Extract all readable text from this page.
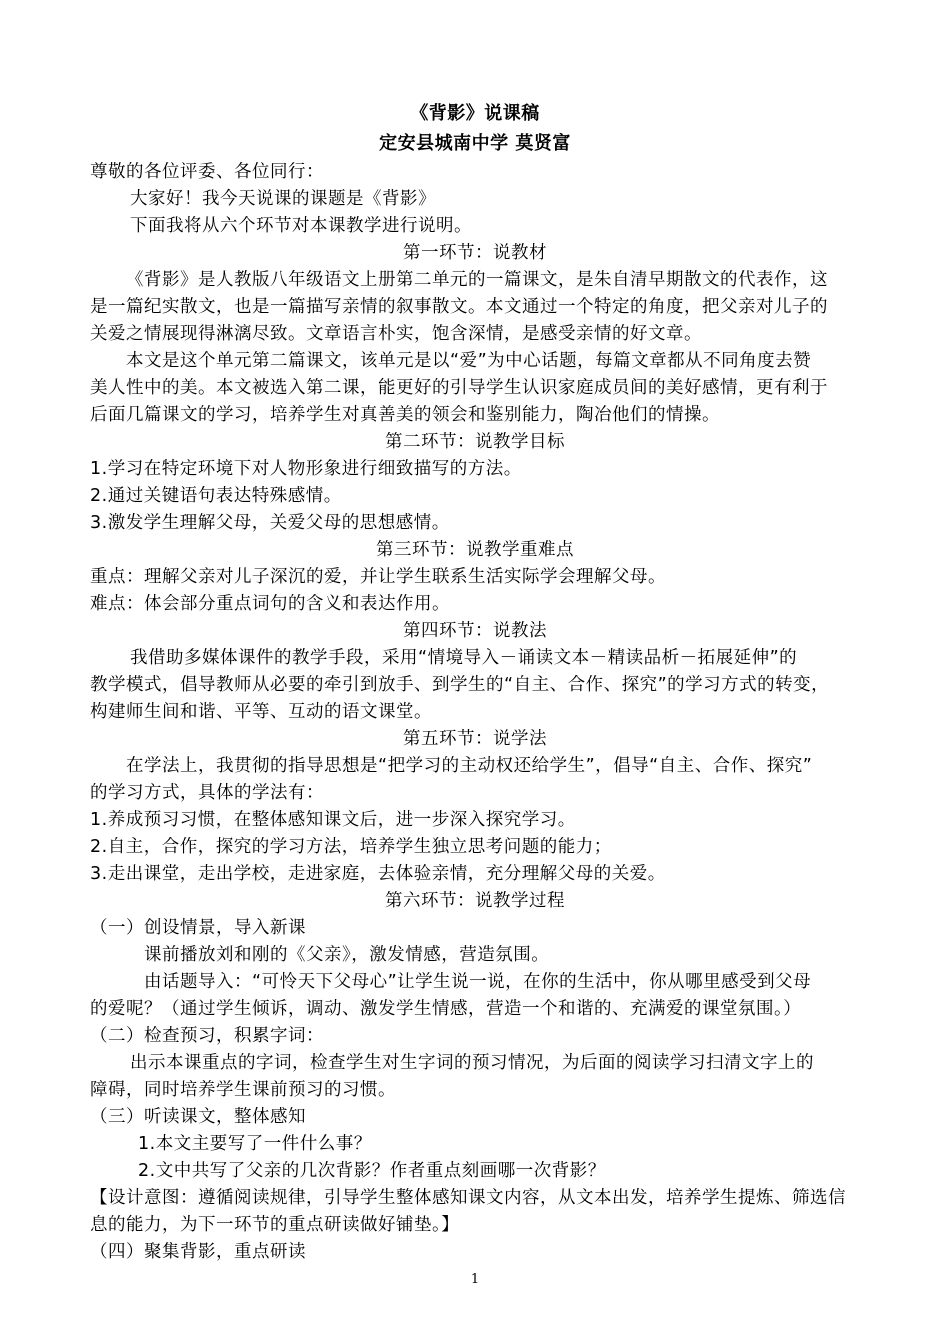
《背影》说课稿
定安县城南中学 莫贤富
尊敬的各位评委、各位同行：
大家好！我今天说课的课题是《背影》
下面我将从六个环节对本课教学进行说明。
第一环节：说教材
《背影》是人教版八年级语文上册第二单元的一篇课文，是朱自清早期散文的代表作，这
是一篇纪实散文，也是一篇描写亲情的叙事散文。本文通过一个特定的角度，把父亲对儿子的
关爱之情展现得淋漓尽致。文章语言朴实，饱含深情，是感受亲情的好文章。
本文是这个单元第二篇课文，该单元是以“爱”为中心话题，每篇文章都从不同角度去赞
美人性中的美。本文被选入第二课，能更好的引导学生认识家庭成员间的美好感情，更有利于
后面几篇课文的学习，培养学生对真善美的领会和鉴别能力，陶冶他们的情操。
第二环节：说教学目标
1.学习在特定环境下对人物形象进行细致描写的方法。
2.通过关键语句表达特殊感情。
3.激发学生理解父母，关爱父母的思想感情。
第三环节：说教学重难点
重点：理解父亲对儿子深沉的爱，并让学生联系生活实际学会理解父母。
难点：体会部分重点词句的含义和表达作用。
第四环节：说教法
我借助多媒体课件的教学手段，采用“情境导入－诵读文本－精读品析－拓展延伸”的
教学模式，倡导教师从必要的牵引到放手、到学生的“自主、合作、探究”的学习方式的转变，
构建师生间和谐、平等、互动的语文课堂。
第五环节：说学法
在学法上，我贯彻的指导思想是“把学习的主动权还给学生”，倡导“自主、合作、探究”
的学习方式，具体的学法有：
1.养成预习习惯，在整体感知课文后，进一步深入探究学习。
2.自主，合作，探究的学习方法，培养学生独立思考问题的能力；
3.走出课堂，走出学校，走进家庭，去体验亲情，充分理解父母的关爱。
第六环节：说教学过程
（一）创设情景，导入新课
课前播放刘和刚的《父亲》，激发情感，营造氛围。
由话题导入：“可怜天下父母心”让学生说一说，在你的生活中，你从哪里感受到父母
的爱呢？（通过学生倾诉，调动、激发学生情感，营造一个和谐的、充满爱的课堂氛围。）
（二）检查预习，积累字词：
出示本课重点的字词，检查学生对生字词的预习情况，为后面的阅读学习扫清文字上的
障碍，同时培养学生课前预习的习惯。
（三）听读课文，整体感知
1.本文主要写了一件什么事？
2.文中共写了父亲的几次背影？作者重点刻画哪一次背影？
【设计意图：遵循阅读规律，引导学生整体感知课文内容，从文本出发，培养学生提炼、筛选信
息的能力，为下一环节的重点研读做好铺垫。】
（四）聚集背影，重点研读
1
